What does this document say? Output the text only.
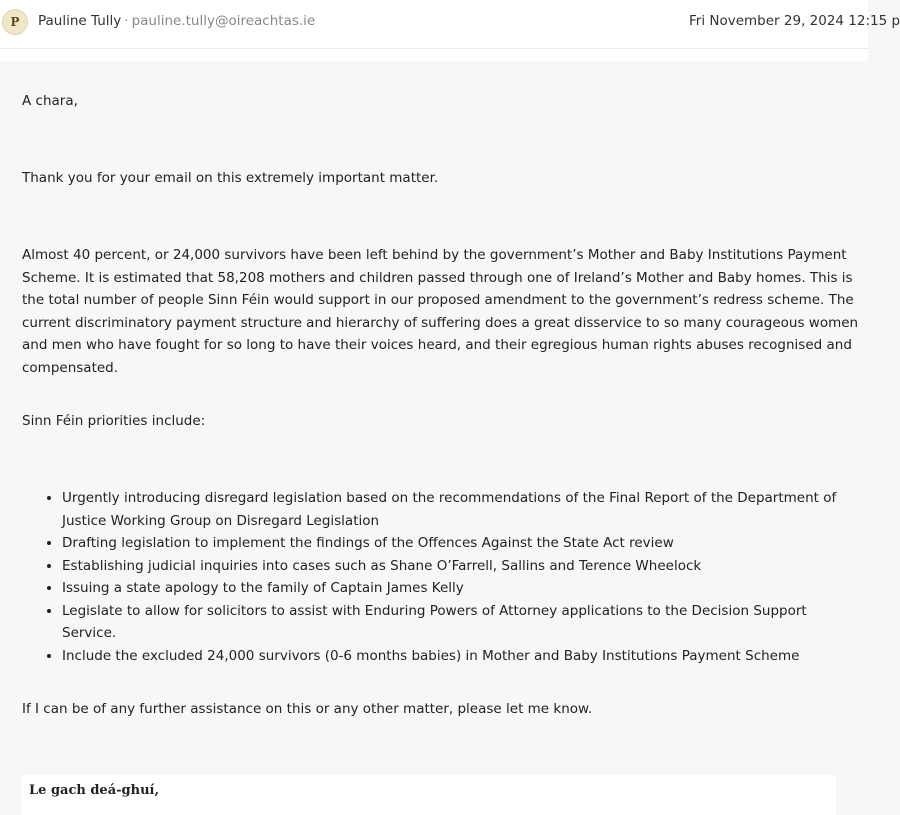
P	Pauline Tully · pauline.tully@oireachtas.ie	Fri November 29, 2024 12:15 p

A chara,

Thank you for your email on this extremely important matter.

Almost 40 percent, or 24,000 survivors have been left behind by the government’s Mother and Baby Institutions Payment Scheme. It is estimated that 58,208 mothers and children passed through one of Ireland’s Mother and Baby homes. This is the total number of people Sinn Féin would support in our proposed amendment to the government’s redress scheme. The current discriminatory payment structure and hierarchy of suffering does a great disservice to so many courageous women and men who have fought for so long to have their voices heard, and their egregious human rights abuses recognised and compensated.

Sinn Féin priorities include:

• Urgently introducing disregard legislation based on the recommendations of the Final Report of the Department of Justice Working Group on Disregard Legislation
• Drafting legislation to implement the findings of the Offences Against the State Act review
• Establishing judicial inquiries into cases such as Shane O’Farrell, Sallins and Terence Wheelock
• Issuing a state apology to the family of Captain James Kelly
• Legislate to allow for solicitors to assist with Enduring Powers of Attorney applications to the Decision Support Service.
• Include the excluded 24,000 survivors (0-6 months babies) in Mother and Baby Institutions Payment Scheme

If I can be of any further assistance on this or any other matter, please let me know.

Le gach deá-ghuí,
